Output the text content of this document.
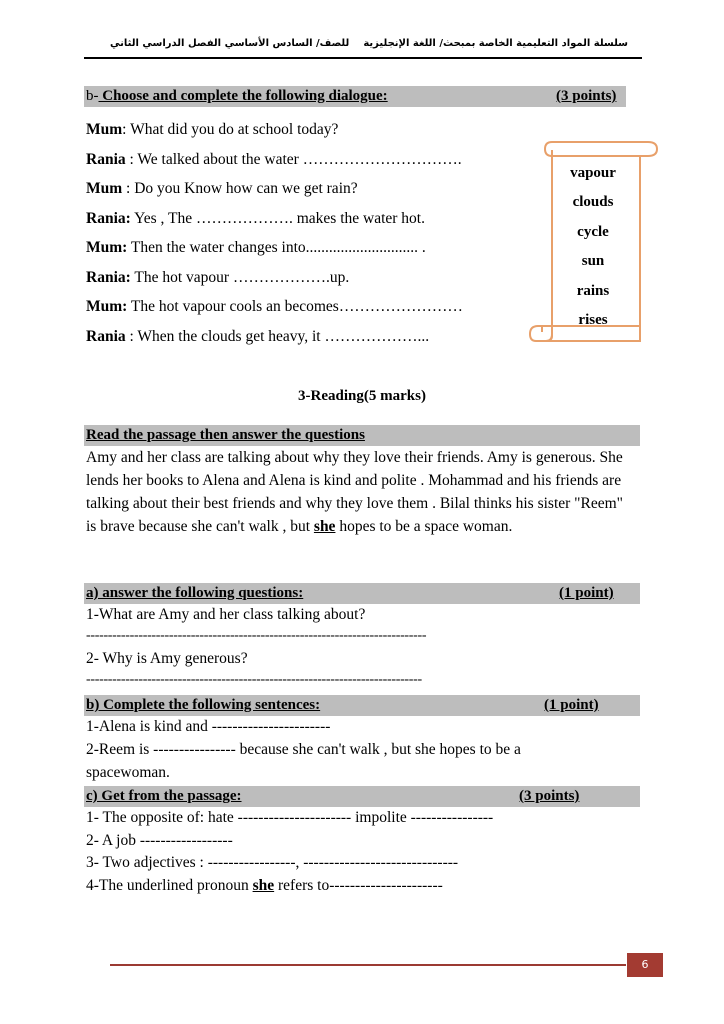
سلسلة المواد التعليمية الخاصة بمبحث/ اللغة الإنجليزية
للصف/ السادس الأساسي الفصل الدراسي الثاني
b- Choose and complete the following dialogue:	(3 points)
Mum: What did you do at school today?
Rania : We talked about the water ………………………….
Mum : Do you Know how can we get rain?
Rania: Yes , The ………………. makes the water hot.
Mum: Then the water changes into............................. .
Rania: The hot vapour ……………….up.
Mum: The hot vapour cools an becomes……………………
Rania : When the clouds get heavy, it ………………...
vapour
clouds
cycle
sun
rains
rises
3-Reading(5 marks)
Read the passage then answer the questions
Amy and her class are talking about why they love their friends. Amy is generous. She lends her books to Alena and Alena is kind and polite . Mohammad and his friends are talking about their best friends and why they love them . Bilal thinks his sister "Reem" is brave because she can't walk , but she hopes to be a space woman.
a) answer the following questions:	(1 point)
1-What are Amy and her class talking about?
------------------------------------------------------------------------------
2- Why is Amy generous?
-----------------------------------------------------------------------------
b) Complete the following sentences:	(1 point)
1-Alena is kind and -----------------------
2-Reem is ---------------- because she can't walk , but she hopes to be a
spacewoman.
c) Get from the passage:	(3 points)
1- The opposite of: hate ---------------------- impolite ----------------
2- A job ------------------
3- Two adjectives : -----------------, ------------------------------
4-The underlined pronoun she refers to----------------------
6
